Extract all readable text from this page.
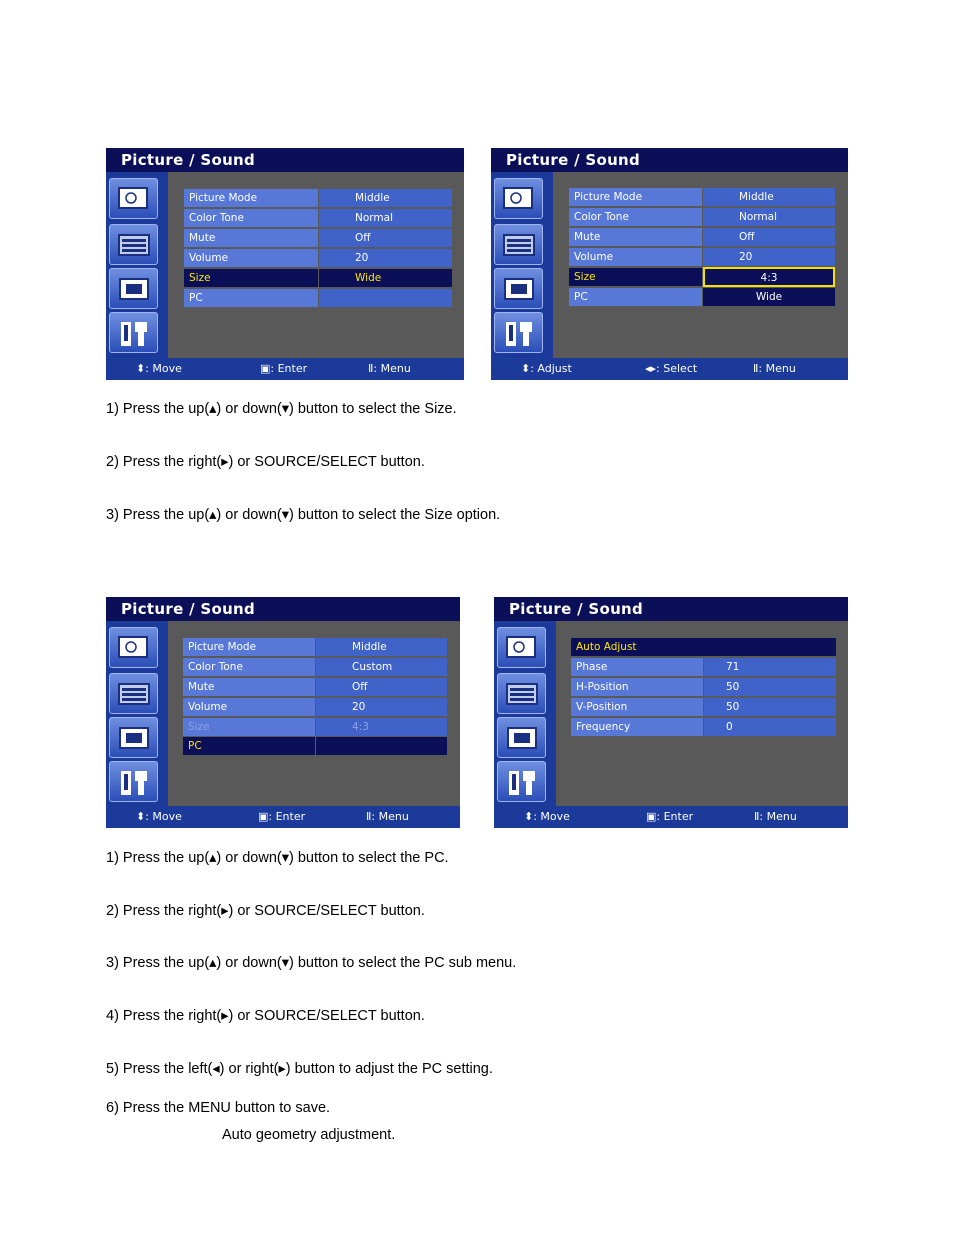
Picture / Sound
Picture Mode	Middle
Color Tone	Normal
Mute	Off
Volume	20
Size	Wide
PC
⬍: Move	▣: Enter	Ⅱ: Menu
Picture / Sound
Picture Mode	Middle
Color Tone	Normal
Mute	Off
Volume	20
Size	4:3
PC	Wide
⬍: Adjust	◂▸: Select	Ⅱ: Menu
1) Press the up(▴) or down(▾) button to select the Size.
2) Press the right(▸) or SOURCE/SELECT button.
3) Press the up(▴) or down(▾) button to select the Size option.
Picture / Sound
Picture Mode	Middle
Color Tone	Custom
Mute	Off
Volume	20
Size	4:3
PC
⬍: Move	▣: Enter	Ⅱ: Menu
Picture / Sound
Auto Adjust
Phase	71
H-Position	50
V-Position	50
Frequency	0
⬍: Move	▣: Enter	Ⅱ: Menu
1) Press the up(▴) or down(▾) button to select the PC.
2) Press the right(▸) or SOURCE/SELECT button.
3) Press the up(▴) or down(▾) button to select the PC sub menu.
4) Press the right(▸) or SOURCE/SELECT button.
5) Press the left(◂) or right(▸) button to adjust the PC setting.
6) Press the MENU button to save.
Auto geometry adjustment.
